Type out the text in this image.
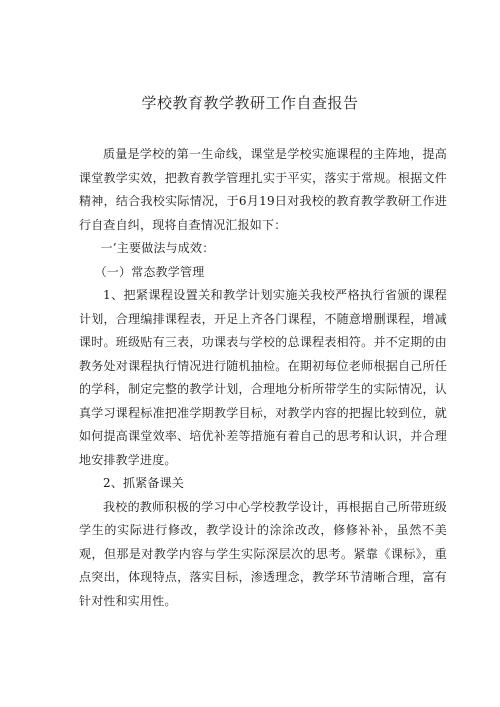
学校教育教学教研工作自查报告

质量是学校的第一生命线，课堂是学校实施课程的主阵地，提高课堂教学实效，把教育教学管理扎实于平实，落实于常规。根据文件精神，结合我校实际情况，于6月19日对我校的教育教学教研工作进行自查自纠，现将自查情况汇报如下：

一’主要做法与成效：

（一）常态教学管理

1、把紧课程设置关和教学计划实施关我校严格执行省颁的课程计划，合理编排课程表，开足上齐各门课程，不随意增删课程，增减课时。班级贴有三表，功课表与学校的总课程表相符。并不定期的由教务处对课程执行情况进行随机抽检。在期初每位老师根据自己所任的学科，制定完整的教学计划，合理地分析所带学生的实际情况，认真学习课程标准把准学期教学目标，对教学内容的把握比较到位，就如何提高课堂效率、培优补差等措施有着自己的思考和认识，并合理地安排教学进度。

2、抓紧备课关

我校的教师积极的学习中心学校教学设计，再根据自己所带班级学生的实际进行修改，教学设计的涂涂改改，修修补补，虽然不美观，但那是对教学内容与学生实际深层次的思考。紧靠《课标》，重点突出，体现特点，落实目标，渗透理念，教学环节清晰合理，富有针对性和实用性。
